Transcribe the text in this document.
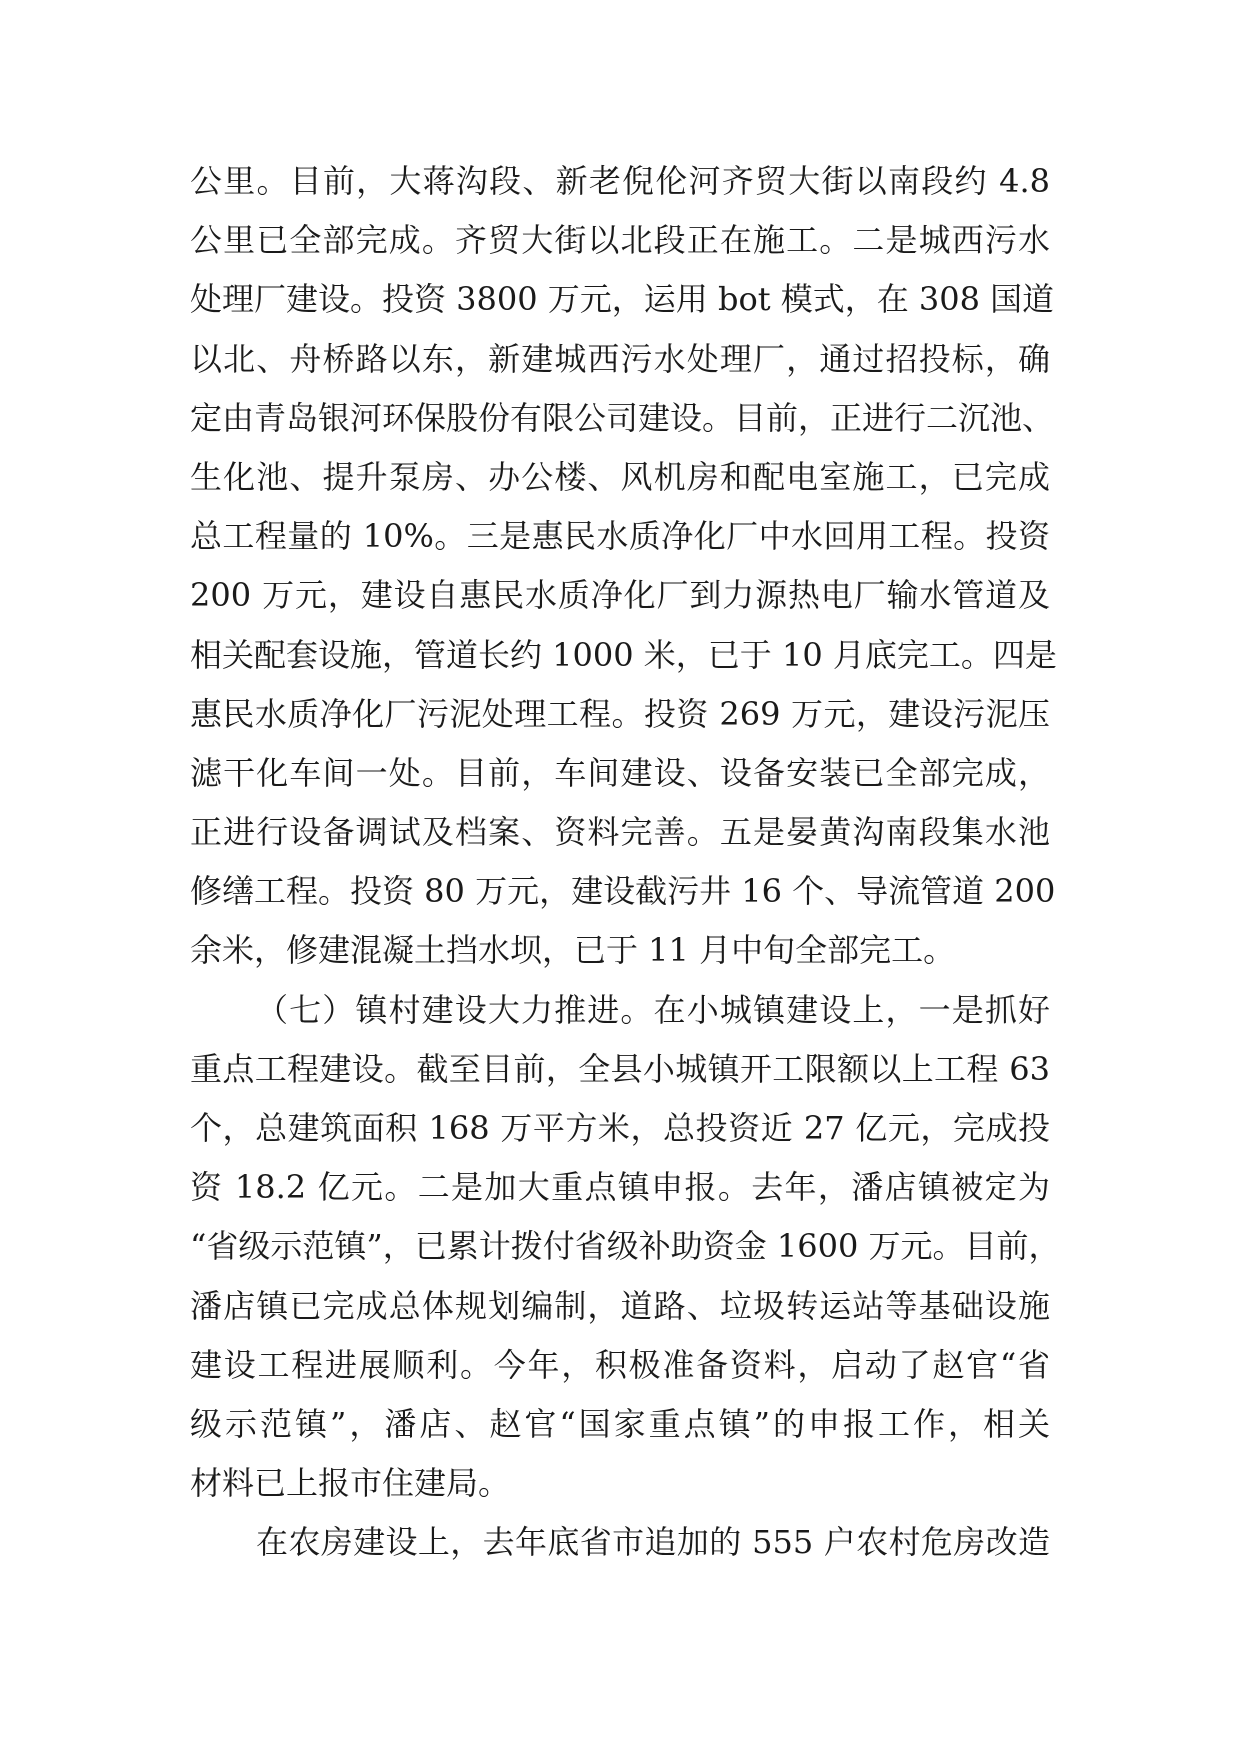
公里。目前，大蒋沟段、新老倪伦河齐贸大街以南段约 4.8
公里已全部完成。齐贸大街以北段正在施工。二是城西污水
处理厂建设。投资 3800 万元，运用 bot 模式，在 308 国道
以北、舟桥路以东，新建城西污水处理厂，通过招投标，确
定由青岛银河环保股份有限公司建设。目前，正进行二沉池、
生化池、提升泵房、办公楼、风机房和配电室施工，已完成
总工程量的 10%。三是惠民水质净化厂中水回用工程。投资
200 万元，建设自惠民水质净化厂到力源热电厂输水管道及
相关配套设施，管道长约 1000 米，已于 10 月底完工。四是
惠民水质净化厂污泥处理工程。投资 269 万元，建设污泥压
滤干化车间一处。目前，车间建设、设备安装已全部完成，
正进行设备调试及档案、资料完善。五是晏黄沟南段集水池
修缮工程。投资 80 万元，建设截污井 16 个、导流管道 200
余米，修建混凝土挡水坝，已于 11 月中旬全部完工。
（七）镇村建设大力推进。在小城镇建设上，一是抓好
重点工程建设。截至目前，全县小城镇开工限额以上工程 63
个，总建筑面积 168 万平方米，总投资近 27 亿元，完成投
资 18.2 亿元。二是加大重点镇申报。去年，潘店镇被定为
“省级示范镇”，已累计拨付省级补助资金 1600 万元。目前，
潘店镇已完成总体规划编制，道路、垃圾转运站等基础设施
建设工程进展顺利。今年，积极准备资料，启动了赵官“省
级示范镇”，潘店、赵官“国家重点镇”的申报工作，相关
材料已上报市住建局。
在农房建设上，去年底省市追加的 555 户农村危房改造
